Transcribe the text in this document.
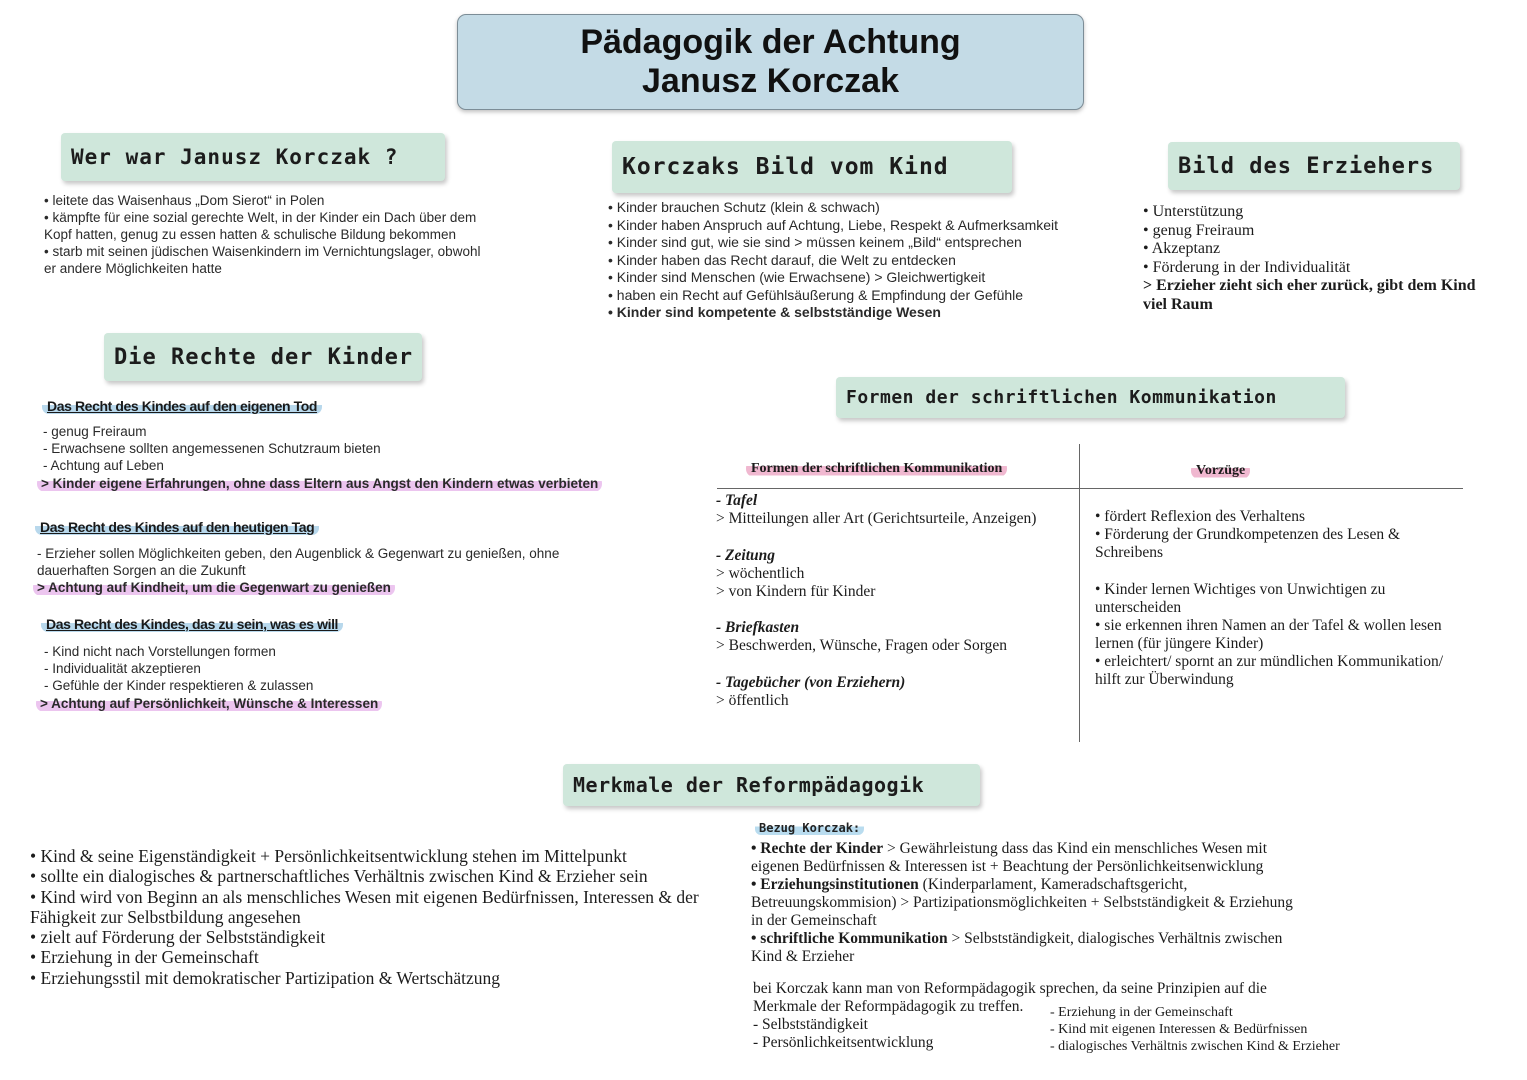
Pädagogik der Achtung
Janusz Korczak
Wer war Janusz Korczak ?
• leitete das Waisenhaus „Dom Sierot“ in Polen
• kämpfte für eine sozial gerechte Welt, in der Kinder ein Dach über dem
Kopf hatten, genug zu essen hatten & schulische Bildung bekommen
• starb mit seinen jüdischen Waisenkindern im Vernichtungslager, obwohl
er andere Möglichkeiten hatte
Korczaks Bild vom Kind
• Kinder brauchen Schutz (klein & schwach)
• Kinder haben Anspruch auf Achtung, Liebe, Respekt & Aufmerksamkeit
• Kinder sind gut, wie sie sind > müssen keinem „Bild“ entsprechen
• Kinder haben das Recht darauf, die Welt zu entdecken
• Kinder sind Menschen (wie Erwachsene) > Gleichwertigkeit
• haben ein Recht auf Gefühlsäußerung & Empfindung der Gefühle
• Kinder sind kompetente & selbstständige Wesen
Bild des Erziehers
• Unterstützung
• genug Freiraum
• Akzeptanz
• Förderung in der Individualität
> Erzieher zieht sich eher zurück, gibt dem Kind
viel Raum
Die Rechte der Kinder
Das Recht des Kindes auf den eigenen Tod
- genug Freiraum
- Erwachsene sollten angemessenen Schutzraum bieten
- Achtung auf Leben
> Kinder eigene Erfahrungen, ohne dass Eltern aus Angst den Kindern etwas verbieten
Das Recht des Kindes auf den heutigen Tag
- Erzieher sollen Möglichkeiten geben, den Augenblick & Gegenwart zu genießen, ohne
dauerhaften Sorgen an die Zukunft
> Achtung auf Kindheit, um die Gegenwart zu genießen
Das Recht des Kindes, das zu sein, was es will
- Kind nicht nach Vorstellungen formen
- Individualität akzeptieren
- Gefühle der Kinder respektieren & zulassen
> Achtung auf Persönlichkeit, Wünsche & Interessen
Formen der schriftlichen Kommunikation
Formen der schriftlichen Kommunikation	Vorzüge
- Tafel
> Mitteilungen aller Art (Gerichtsurteile, Anzeigen)
- Zeitung
> wöchentlich
> von Kindern für Kinder
- Briefkasten
> Beschwerden, Wünsche, Fragen oder Sorgen
- Tagebücher (von Erziehern)
> öffentlich
• fördert Reflexion des Verhaltens
• Förderung der Grundkompetenzen des Lesen &
Schreibens
• Kinder lernen Wichtiges von Unwichtigen zu
unterscheiden
• sie erkennen ihren Namen an der Tafel & wollen lesen
lernen (für jüngere Kinder)
• erleichtert/ spornt an zur mündlichen Kommunikation/
hilft zur Überwindung
Merkmale der Reformpädagogik
• Kind & seine Eigenständigkeit + Persönlichkeitsentwicklung stehen im Mittelpunkt
• sollte ein dialogisches & partnerschaftliches Verhältnis zwischen Kind & Erzieher sein
• Kind wird von Beginn an als menschliches Wesen mit eigenen Bedürfnissen, Interessen & der
Fähigkeit zur Selbstbildung angesehen
• zielt auf Förderung der Selbstständigkeit
• Erziehung in der Gemeinschaft
• Erziehungsstil mit demokratischer Partizipation & Wertschätzung
Bezug Korczak:
• Rechte der Kinder > Gewährleistung dass das Kind ein menschliches Wesen mit
eigenen Bedürfnissen & Interessen ist + Beachtung der Persönlichkeitsenwicklung
• Erziehungsinstitutionen (Kinderparlament, Kameradschaftsgericht,
Betreuungskommision) > Partizipationsmöglichkeiten + Selbstständigkeit & Erziehung
in der Gemeinschaft
• schriftliche Kommunikation > Selbstständigkeit, dialogisches Verhältnis zwischen
Kind & Erzieher
bei Korczak kann man von Reformpädagogik sprechen, da seine Prinzipien auf die
Merkmale der Reformpädagogik zu treffen.
- Selbstständigkeit
- Persönlichkeitsentwicklung
- Erziehung in der Gemeinschaft
- Kind mit eigenen Interessen & Bedürfnissen
- dialogisches Verhältnis zwischen Kind & Erzieher
